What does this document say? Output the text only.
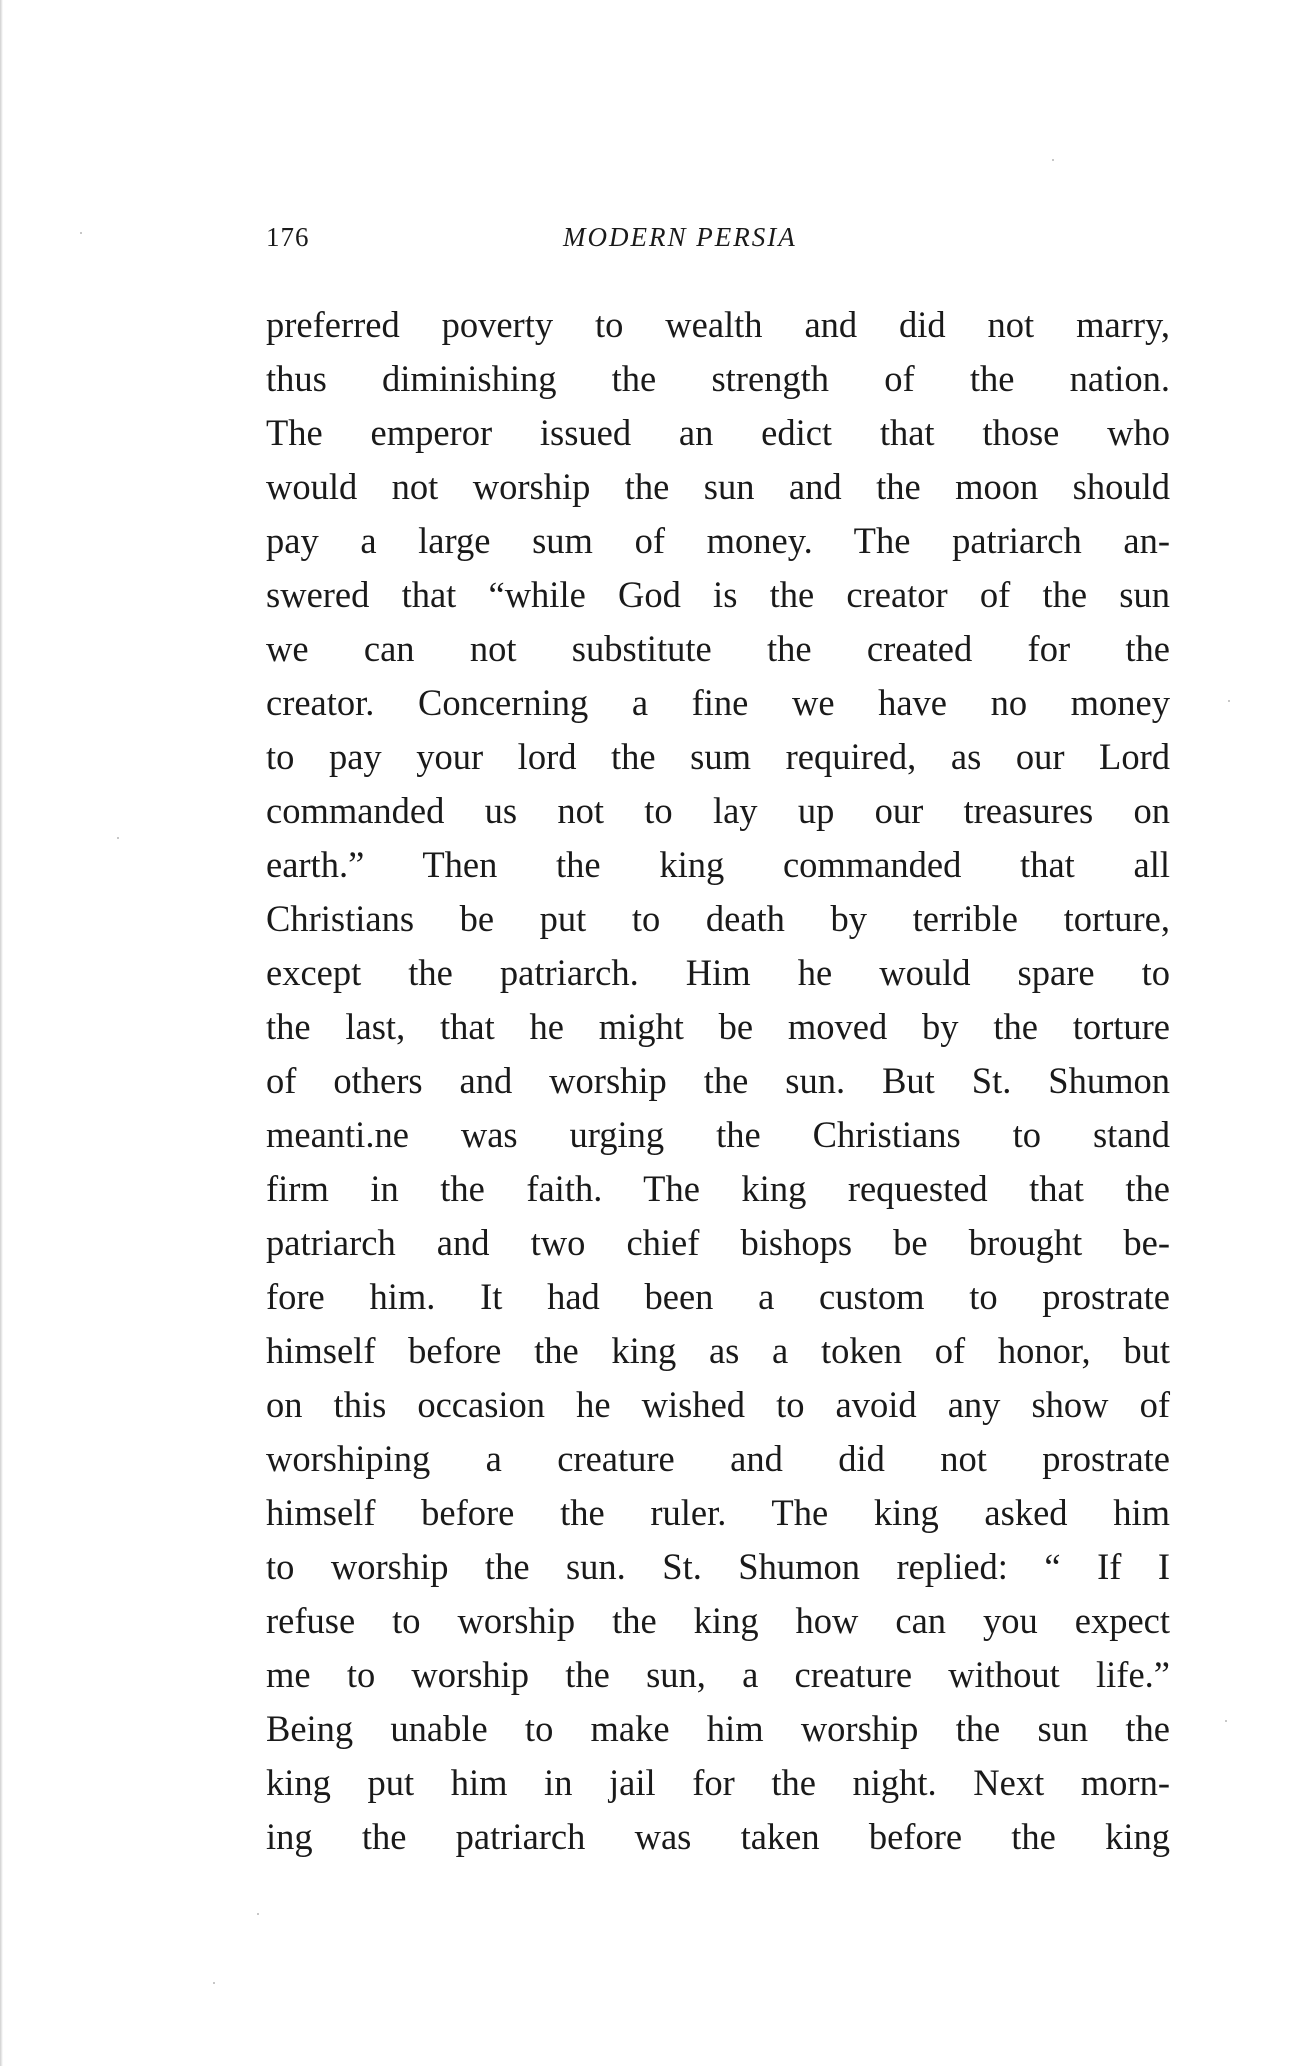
176	MODERN PERSIA
preferred poverty to wealth and did not marry,
thus diminishing the strength of the nation.
The emperor issued an edict that those who
would not worship the sun and the moon should
pay a large sum of money. The patriarch an-
swered that “while God is the creator of the sun
we can not substitute the created for the
creator. Concerning a fine we have no money
to pay your lord the sum required, as our Lord
commanded us not to lay up our treasures on
earth.” Then the king commanded that all
Christians be put to death by terrible torture,
except the patriarch. Him he would spare to
the last, that he might be moved by the torture
of others and worship the sun. But St. Shumon
meanti.ne was urging the Christians to stand
firm in the faith. The king requested that the
patriarch and two chief bishops be brought be-
fore him. It had been a custom to prostrate
himself before the king as a token of honor, but
on this occasion he wished to avoid any show of
worshiping a creature and did not prostrate
himself before the ruler. The king asked him
to worship the sun. St. Shumon replied: “ If I
refuse to worship the king how can you expect
me to worship the sun, a creature without life.”
Being unable to make him worship the sun the
king put him in jail for the night. Next morn-
ing the patriarch was taken before the king
